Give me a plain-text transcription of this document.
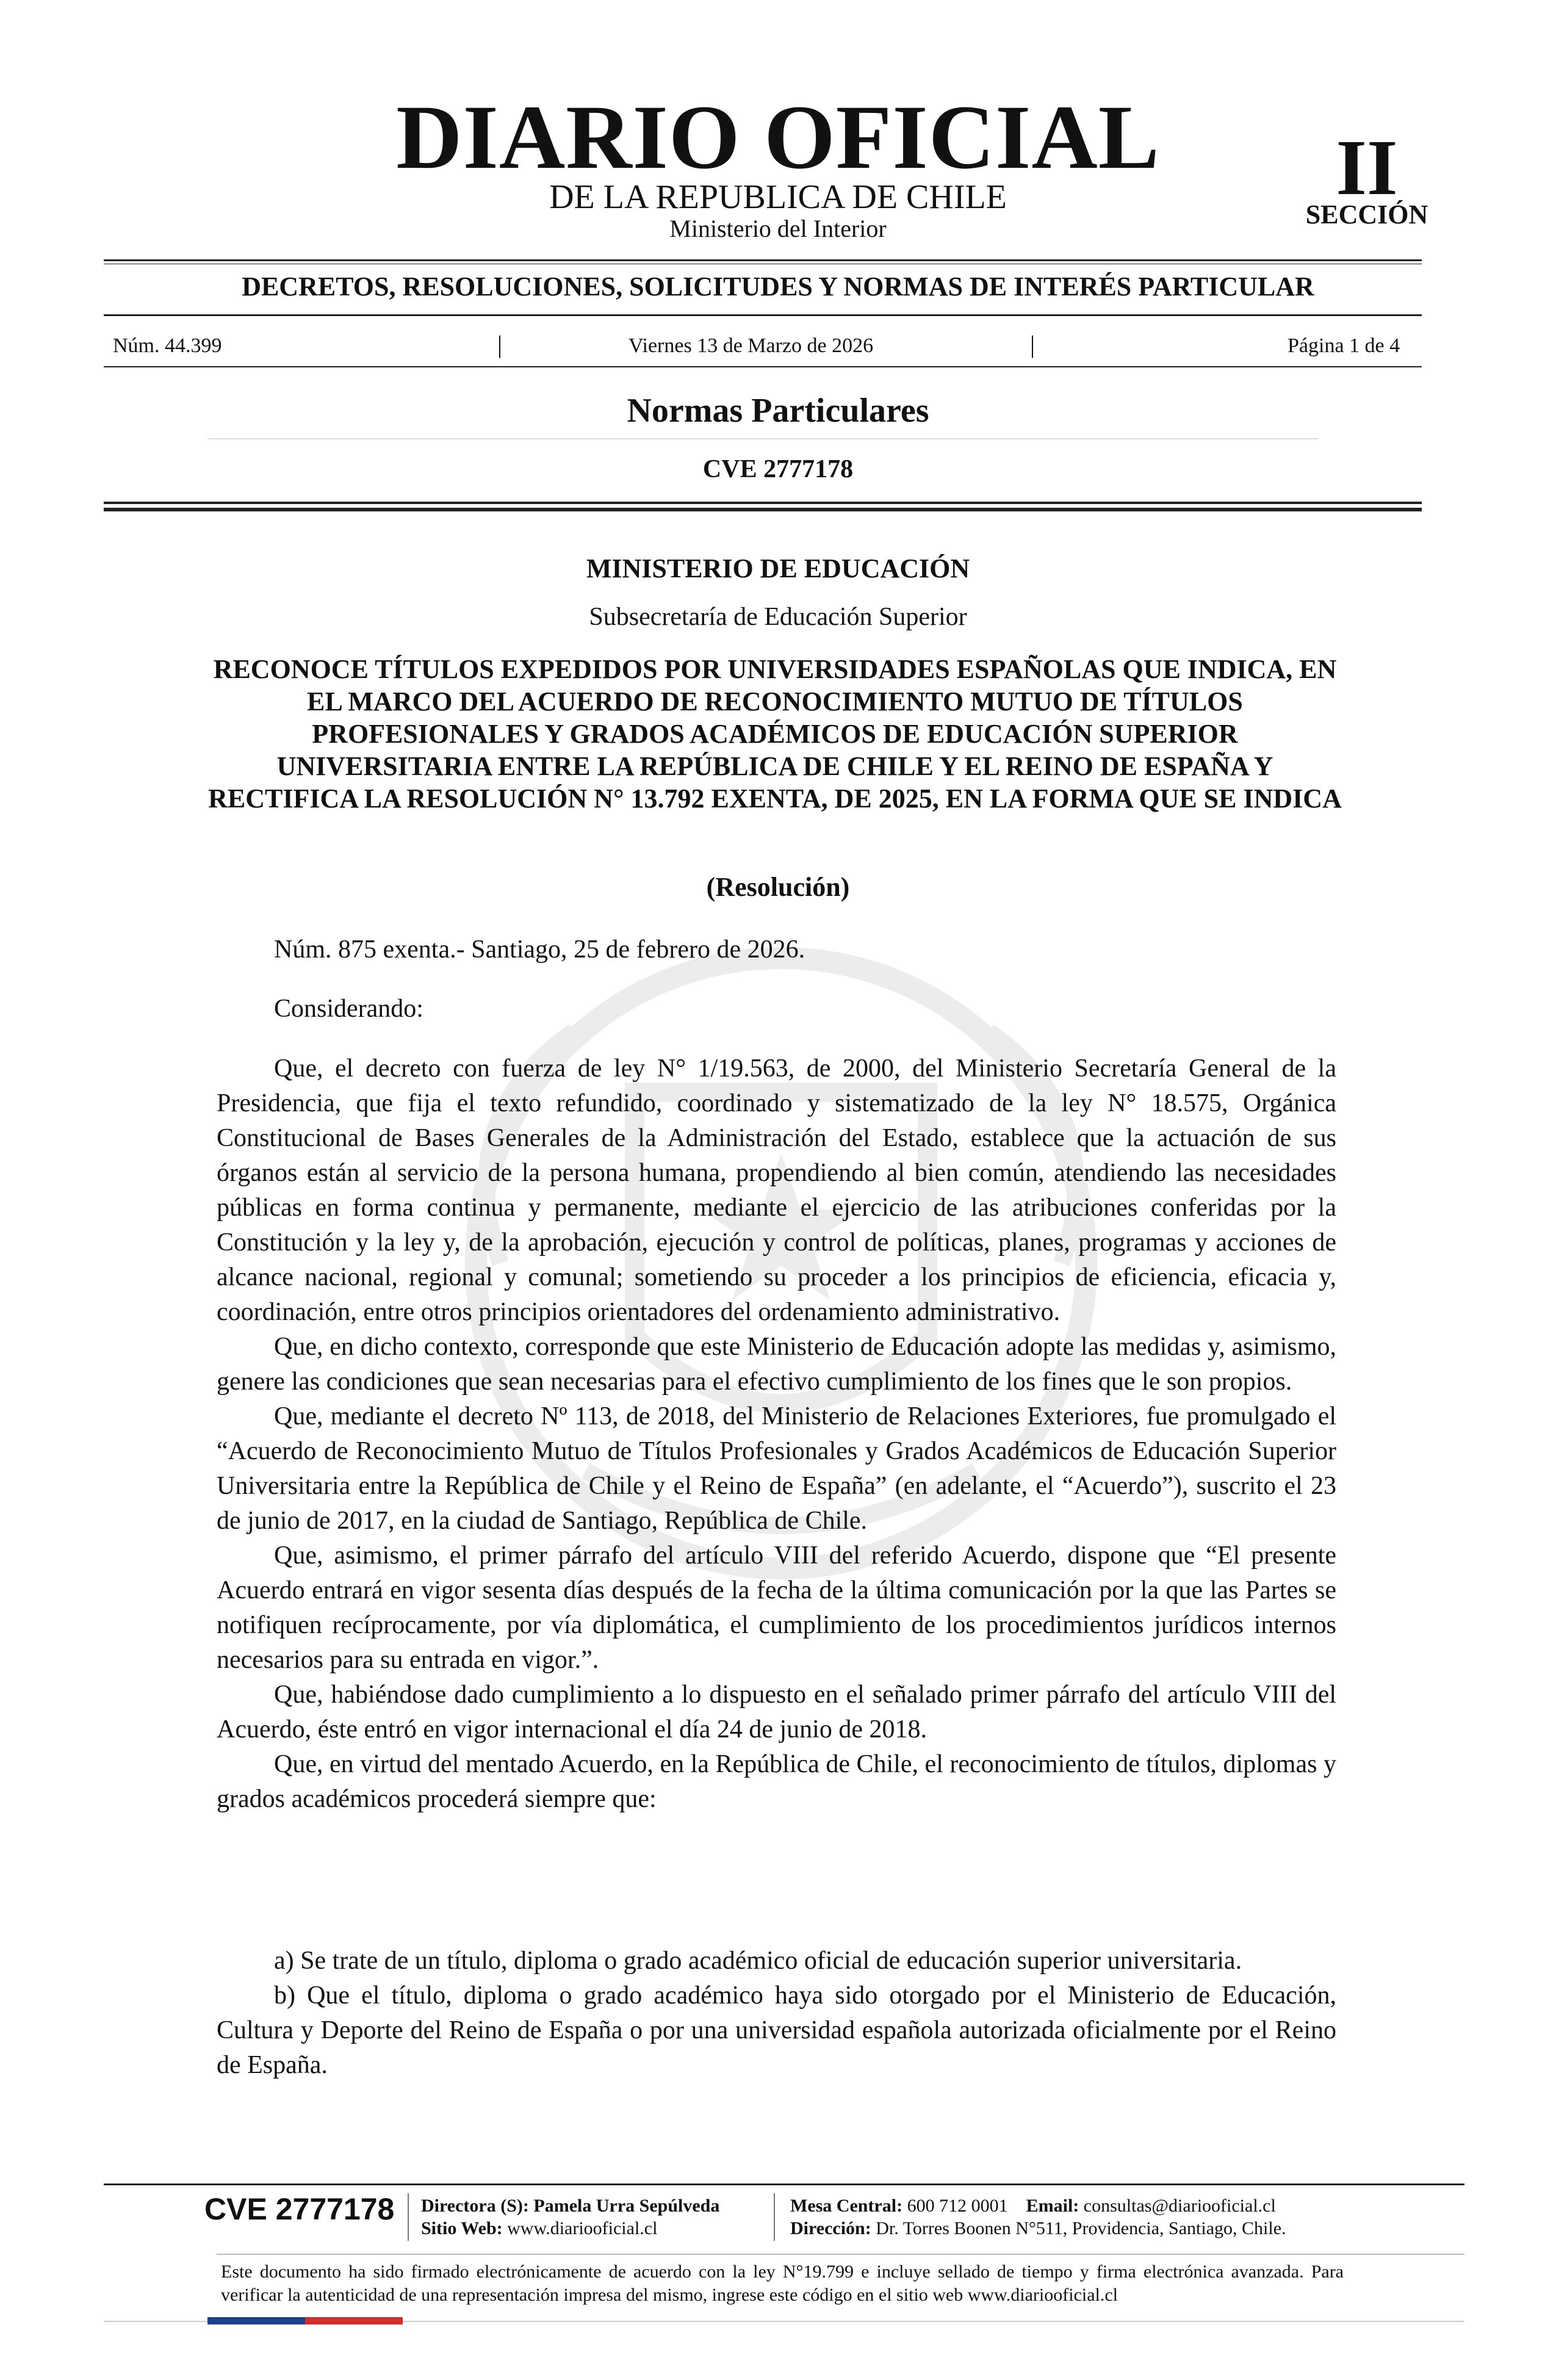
DIARIO OFICIAL
DE LA REPUBLICA DE CHILE
Ministerio del Interior
II
SECCIÓN
DECRETOS, RESOLUCIONES, SOLICITUDES Y NORMAS DE INTERÉS PARTICULAR
Núm. 44.399	|	Viernes 13 de Marzo de 2026	|	Página 1 de 4
Normas Particulares
CVE 2777178
MINISTERIO DE EDUCACIÓN
Subsecretaría de Educación Superior
RECONOCE TÍTULOS EXPEDIDOS POR UNIVERSIDADES ESPAÑOLAS QUE INDICA, EN EL MARCO DEL ACUERDO DE RECONOCIMIENTO MUTUO DE TÍTULOS PROFESIONALES Y GRADOS ACADÉMICOS DE EDUCACIÓN SUPERIOR UNIVERSITARIA ENTRE LA REPÚBLICA DE CHILE Y EL REINO DE ESPAÑA Y RECTIFICA LA RESOLUCIÓN N° 13.792 EXENTA, DE 2025, EN LA FORMA QUE SE INDICA
(Resolución)
Núm. 875 exenta.- Santiago, 25 de febrero de 2026.
Considerando:

Que, el decreto con fuerza de ley N° 1/19.563, de 2000, del Ministerio Secretaría General de la Presidencia, que fija el texto refundido, coordinado y sistematizado de la ley N° 18.575, Orgánica Constitucional de Bases Generales de la Administración del Estado, establece que la actuación de sus órganos están al servicio de la persona humana, propendiendo al bien común, atendiendo las necesidades públicas en forma continua y permanente, mediante el ejercicio de las atribuciones conferidas por la Constitución y la ley y, de la aprobación, ejecución y control de políticas, planes, programas y acciones de alcance nacional, regional y comunal; sometiendo su proceder a los principios de eficiencia, eficacia y, coordinación, entre otros principios orientadores del ordenamiento administrativo.

Que, en dicho contexto, corresponde que este Ministerio de Educación adopte las medidas y, asimismo, genere las condiciones que sean necesarias para el efectivo cumplimiento de los fines que le son propios.

Que, mediante el decreto Nº 113, de 2018, del Ministerio de Relaciones Exteriores, fue promulgado el “Acuerdo de Reconocimiento Mutuo de Títulos Profesionales y Grados Académicos de Educación Superior Universitaria entre la República de Chile y el Reino de España” (en adelante, el “Acuerdo”), suscrito el 23 de junio de 2017, en la ciudad de Santiago, República de Chile.

Que, asimismo, el primer párrafo del artículo VIII del referido Acuerdo, dispone que “El presente Acuerdo entrará en vigor sesenta días después de la fecha de la última comunicación por la que las Partes se notifiquen recíprocamente, por vía diplomática, el cumplimiento de los procedimientos jurídicos internos necesarios para su entrada en vigor.”.

Que, habiéndose dado cumplimiento a lo dispuesto en el señalado primer párrafo del artículo VIII del Acuerdo, éste entró en vigor internacional el día 24 de junio de 2018.

Que, en virtud del mentado Acuerdo, en la República de Chile, el reconocimiento de títulos, diplomas y grados académicos procederá siempre que:

a) Se trate de un título, diploma o grado académico oficial de educación superior universitaria.

b) Que el título, diploma o grado académico haya sido otorgado por el Ministerio de Educación, Cultura y Deporte del Reino de España o por una universidad española autorizada oficialmente por el Reino de España.

CVE 2777178 Directora (S): Pamela Urra Sepúlveda
Sitio Web: www.diariooficial.cl
Mesa Central: 600 712 0001 Email: consultas@diariooficial.cl
Dirección: Dr. Torres Boonen N°511, Providencia, Santiago, Chile.
Este documento ha sido firmado electrónicamente de acuerdo con la ley N°19.799 e incluye sellado de tiempo y firma electrónica avanzada. Para verificar la autenticidad de una representación impresa del mismo, ingrese este código en el sitio web www.diariooficial.cl
